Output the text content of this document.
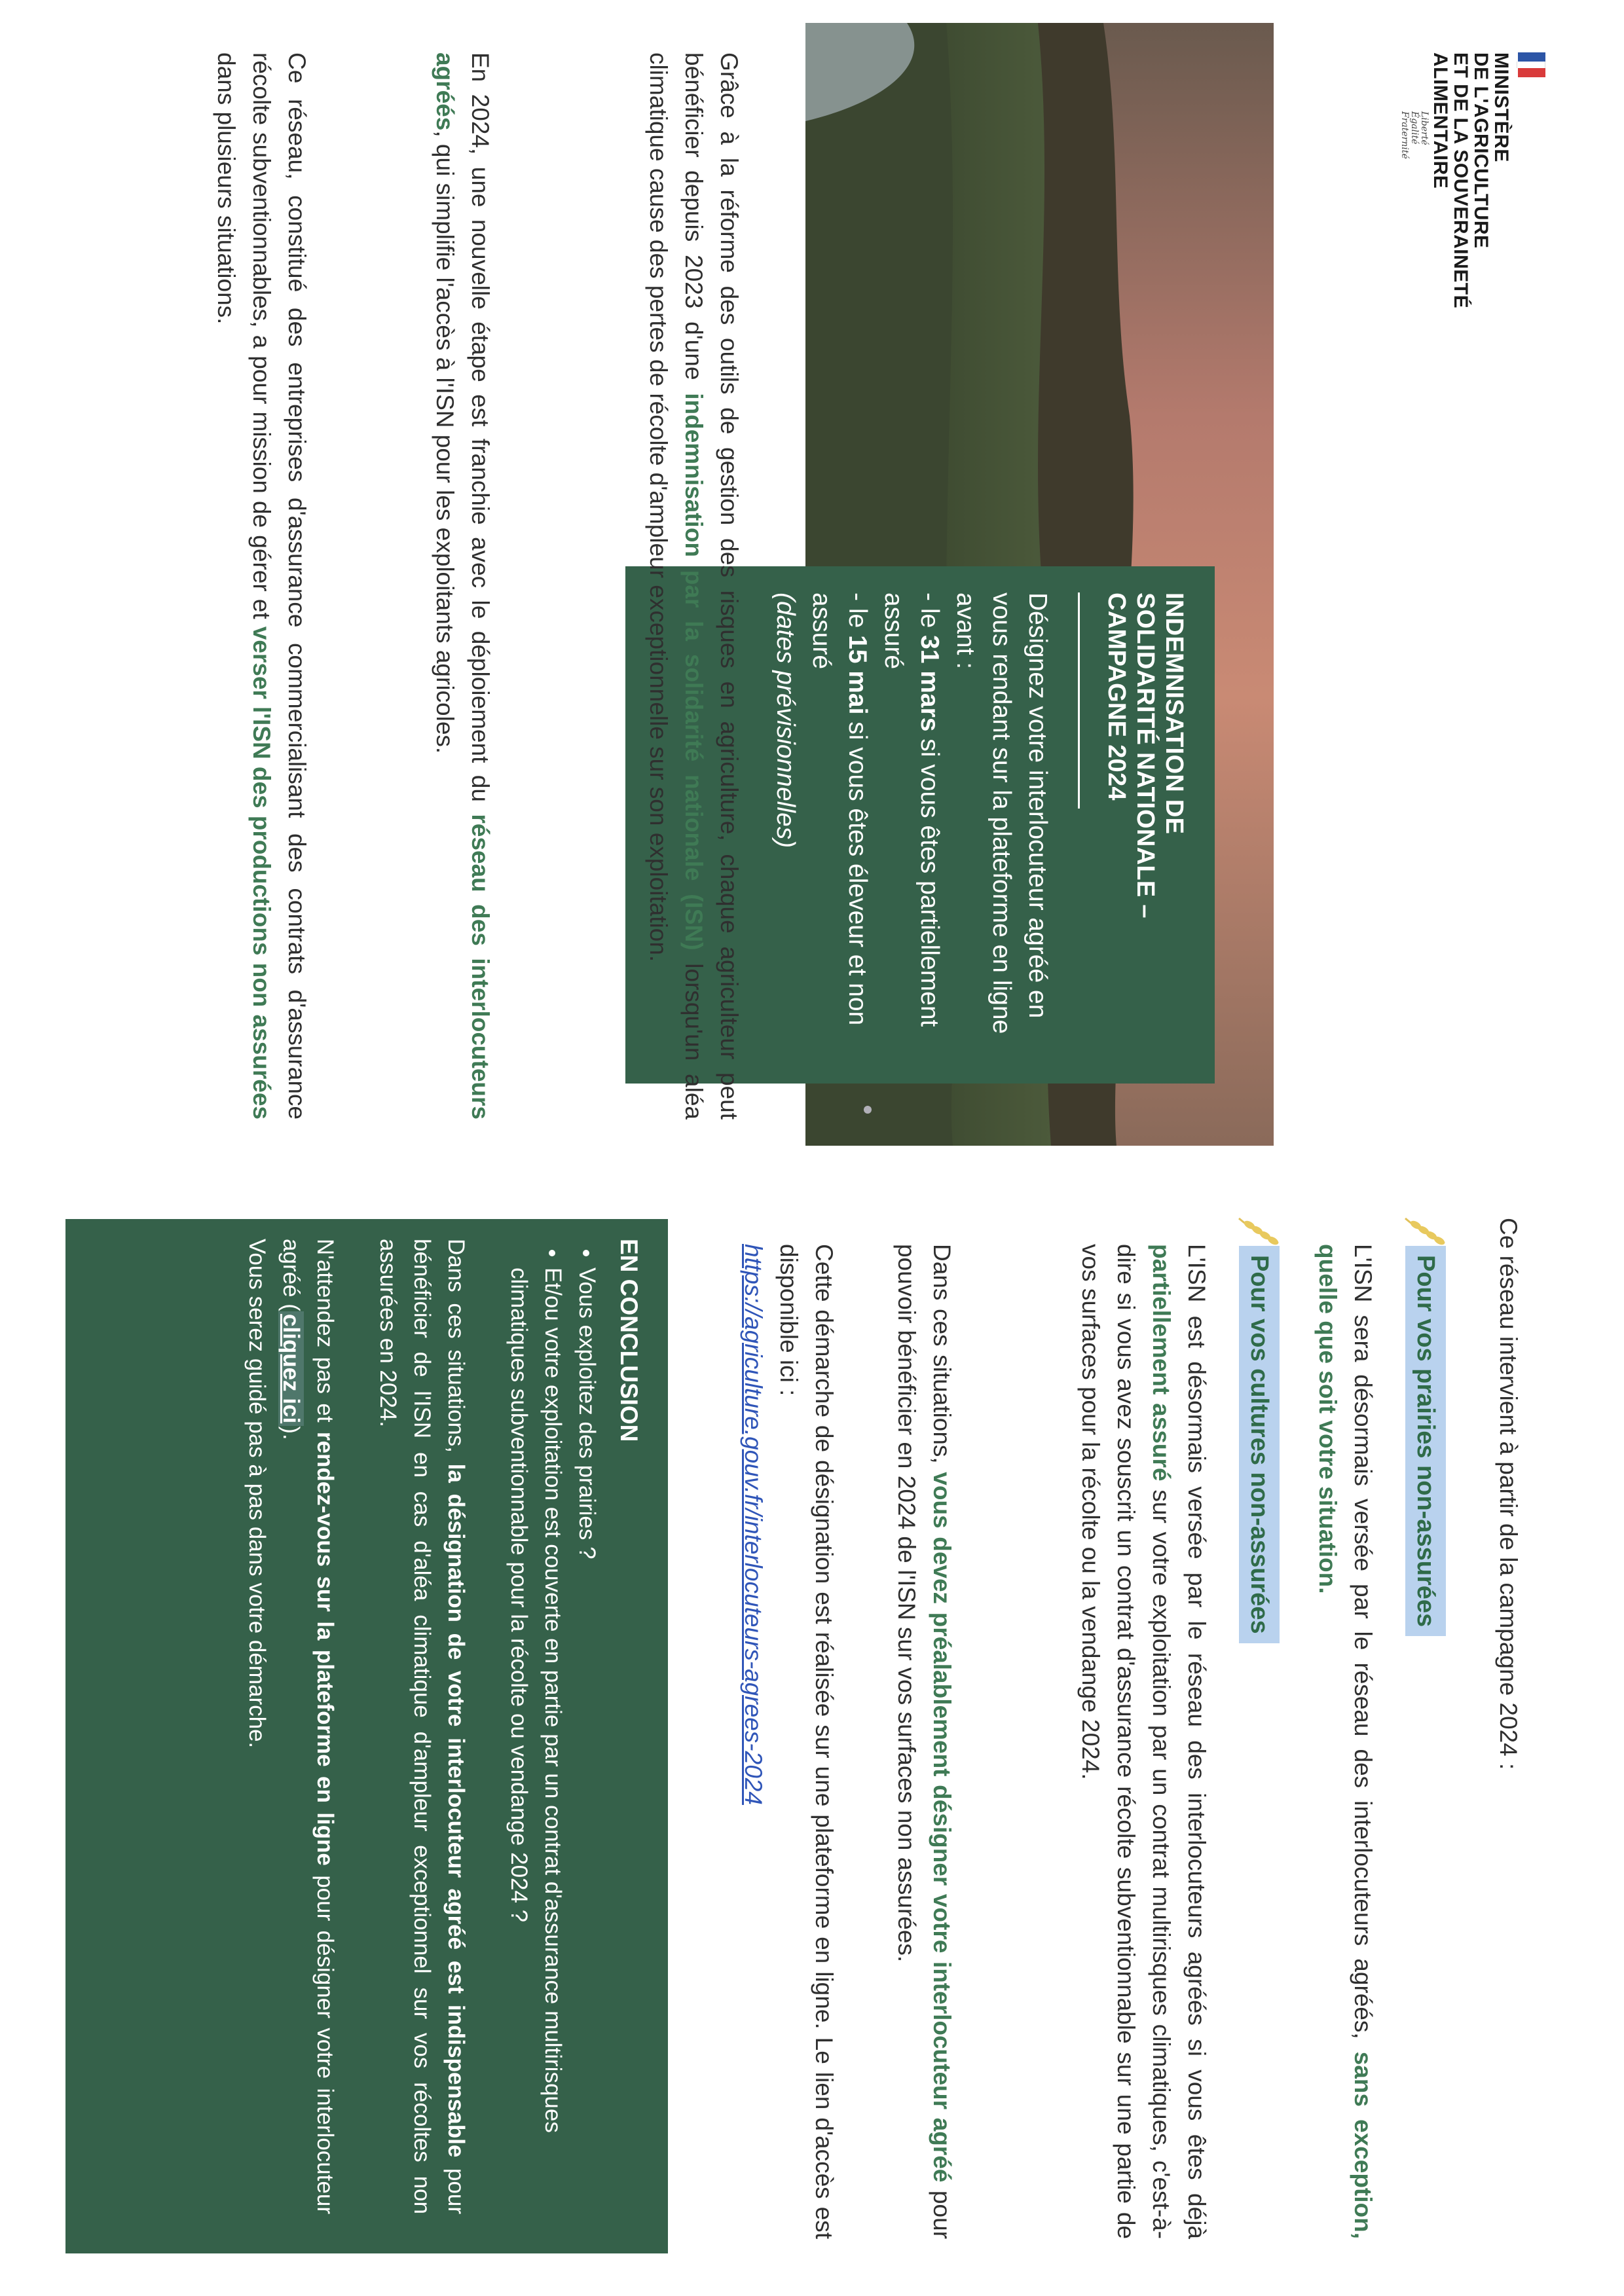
MINISTÈRE
DE L'AGRICULTURE
ET DE LA SOUVERAINETÉ
ALIMENTAIRE
Liberté
Égalité
Fraternité
INDEMNISATION DE
SOLIDARITÉ NATIONALE –
CAMPAGNE 2024
Désignez votre interlocuteur agréé en vous rendant sur la plateforme en ligne avant :
- le 31 mars si vous êtes partiellement assuré
- le 15 mai si vous êtes éleveur et non assuré
(dates prévisionnelles)
Grâce à la réforme des outils de gestion des risques en agriculture, chaque agriculteur peut bénéficier depuis 2023 d'une indemnisation par la solidarité nationale (ISN) lorsqu'un aléa climatique cause des pertes de récolte d'ampleur exceptionnelle sur son exploitation.
En 2024, une nouvelle étape est franchie avec le déploiement du réseau des interlocuteurs agréés, qui simplifie l'accès à l'ISN pour les exploitants agricoles.
Ce réseau, constitué des entreprises d'assurance commercialisant des contrats d'assurance récolte subventionnables, a pour mission de gérer et verser l'ISN des productions non assurées dans plusieurs situations.
Ce réseau intervient à partir de la campagne 2024 :
Pour vos prairies non-assurées
L'ISN sera désormais versée par le réseau des interlocuteurs agréés, sans exception, quelle que soit votre situation.
Pour vos cultures non-assurées
L'ISN est désormais versée par le réseau des interlocuteurs agréés si vous êtes déjà partiellement assuré sur votre exploitation par un contrat multirisques climatiques, c'est-à-dire si vous avez souscrit un contrat d'assurance récolte subventionnable sur une partie de vos surfaces pour la récolte ou la vendange 2024.
Dans ces situations, vous devez préalablement désigner votre interlocuteur agréé pour pouvoir bénéficier en 2024 de l'ISN sur vos surfaces non assurées.
Cette démarche de désignation est réalisée sur une plateforme en ligne. Le lien d'accès est disponible ici :
https://agriculture.gouv.fr/interlocuteurs-agrees-2024
EN CONCLUSION
• Vous exploitez des prairies ?
• Et/ou votre exploitation est couverte en partie par un contrat d'assurance multirisques climatiques subventionnable pour la récolte ou vendange 2024 ?
Dans ces situations, la désignation de votre interlocuteur agréé est indispensable pour bénéficier de l'ISN en cas d'aléa climatique d'ampleur exceptionnel sur vos récoltes non assurées en 2024.
N'attendez pas et rendez-vous sur la plateforme en ligne pour désigner votre interlocuteur agréé (cliquez ici).
Vous serez guidé pas à pas dans votre démarche.
